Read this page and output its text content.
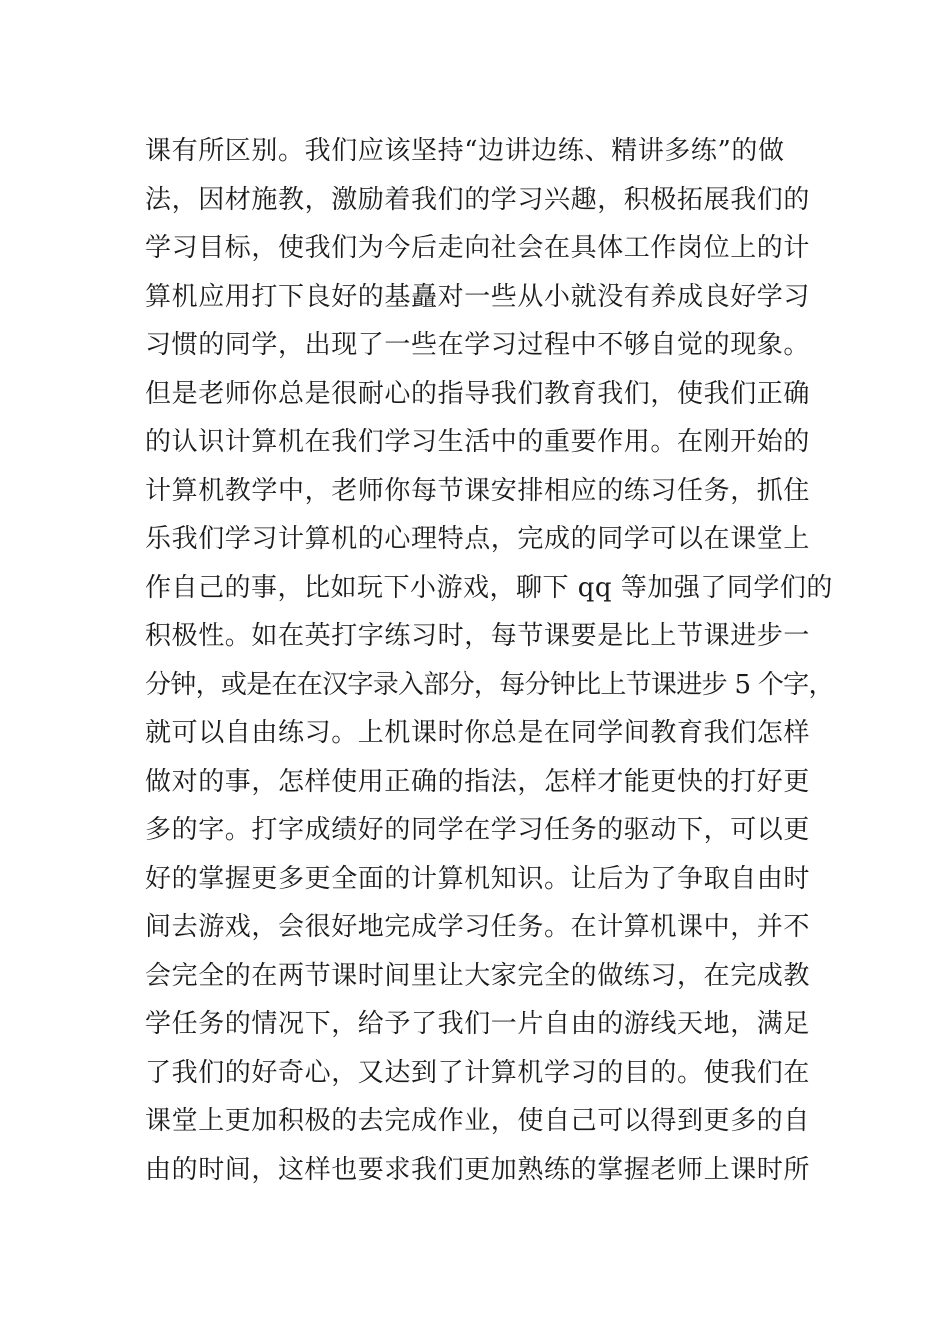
课有所区别。我们应该坚持“边讲边练、精讲多练”的做
法，因材施教，激励着我们的学习兴趣，积极拓展我们的
学习目标，使我们为今后走向社会在具体工作岗位上的计
算机应用打下良好的基矗对一些从小就没有养成良好学习
习惯的同学，出现了一些在学习过程中不够自觉的现象。
但是老师你总是很耐心的指导我们教育我们，使我们正确
的认识计算机在我们学习生活中的重要作用。在刚开始的
计算机教学中，老师你每节课安排相应的练习任务，抓住
乐我们学习计算机的心理特点，完成的同学可以在课堂上
作自己的事，比如玩下小游戏，聊下 qq 等加强了同学们的
积极性。如在英打字练习时，每节课要是比上节课进步一
分钟，或是在在汉字录入部分，每分钟比上节课进步 5 个字，
就可以自由练习。上机课时你总是在同学间教育我们怎样
做对的事，怎样使用正确的指法，怎样才能更快的打好更
多的字。打字成绩好的同学在学习任务的驱动下，可以更
好的掌握更多更全面的计算机知识。让后为了争取自由时
间去游戏，会很好地完成学习任务。在计算机课中，并不
会完全的在两节课时间里让大家完全的做练习，在完成教
学任务的情况下，给予了我们一片自由的游线天地，满足
了我们的好奇心，又达到了计算机学习的目的。使我们在
课堂上更加积极的去完成作业，使自己可以得到更多的自
由的时间，这样也要求我们更加熟练的掌握老师上课时所
